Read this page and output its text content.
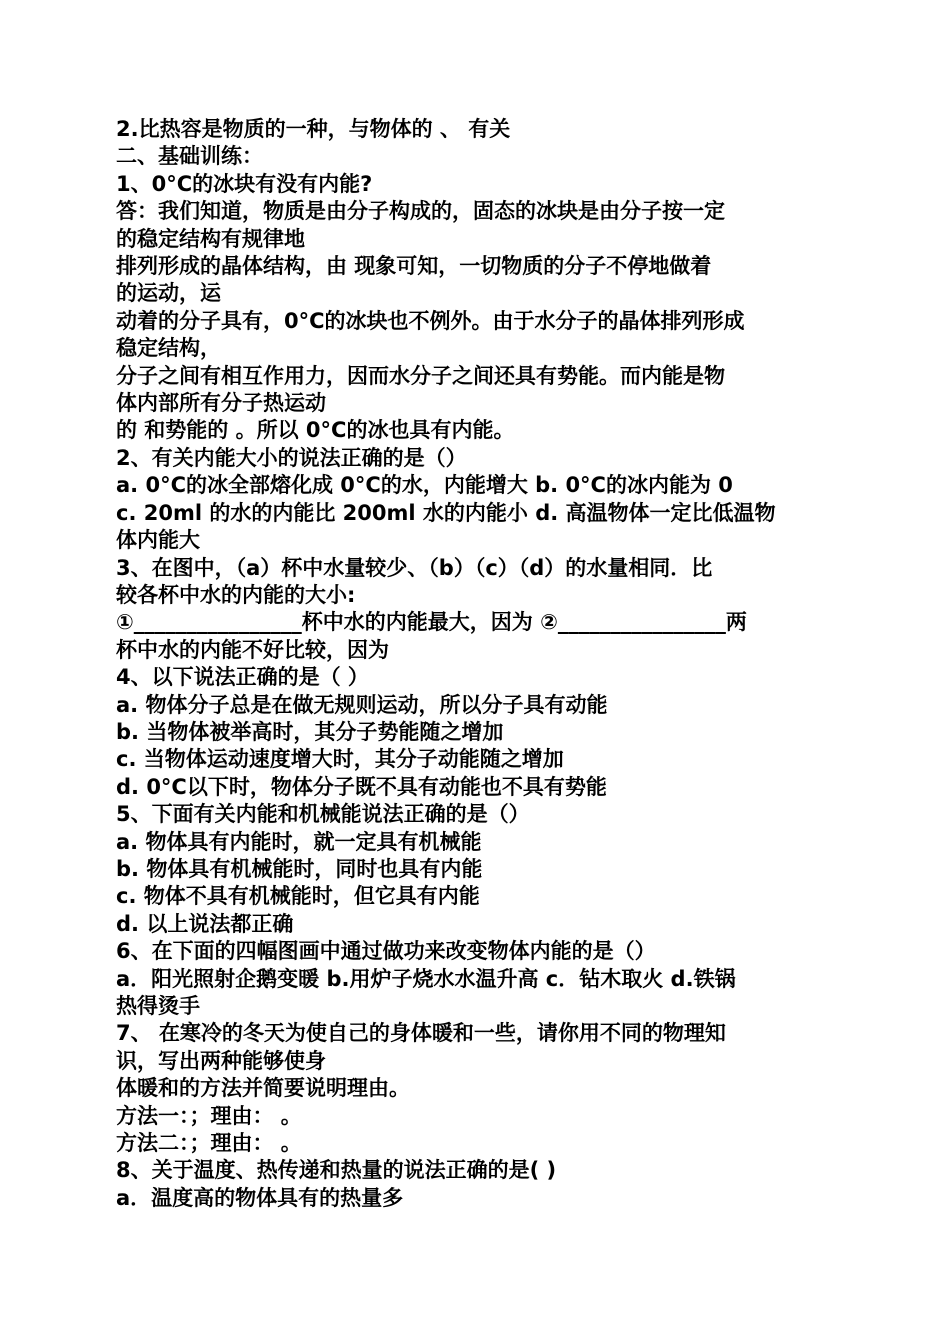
2.比热容是物质的一种，与物体的 、 有关

二、基础训练：

1、0°C的冰块有没有内能?

答：我们知道，物质是由分子构成的，固态的冰块是由分子按一定

的稳定结构有规律地

排列形成的晶体结构，由 现象可知，一切物质的分子不停地做着

的运动，运

动着的分子具有，0°C的冰块也不例外。由于水分子的晶体排列形成

稳定结构，

分子之间有相互作用力，因而水分子之间还具有势能。而内能是物

体内部所有分子热运动

的 和势能的 。所以 0°C的冰也具有内能。

2、有关内能大小的说法正确的是（）

a. 0°C的冰全部熔化成 0°C的水，内能增大 b. 0°C的冰内能为 0

c. 20ml 的水的内能比 200ml 水的内能小 d. 高温物体一定比低温物

体内能大

3、在图中，（a）杯中水量较少、（b）（c）（d）的水量相同．比

较各杯中水的内能的大小:

①________________杯中水的内能最大，因为 ②________________两

杯中水的内能不好比较，因为

4、以下说法正确的是（ ）

a. 物体分子总是在做无规则运动，所以分子具有动能

b. 当物体被举高时，其分子势能随之增加

c. 当物体运动速度增大时，其分子动能随之增加

d. 0°C以下时，物体分子既不具有动能也不具有势能

5、下面有关内能和机械能说法正确的是（）

a. 物体具有内能时，就一定具有机械能

b. 物体具有机械能时，同时也具有内能

c. 物体不具有机械能时，但它具有内能

d. 以上说法都正确

6、在下面的四幅图画中通过做功来改变物体内能的是（）

a．阳光照射企鹅变暖 b.用炉子烧水水温升高 c．钻木取火 d.铁锅

热得烫手

7、 在寒冷的冬天为使自己的身体暖和一些，请你用不同的物理知

识，写出两种能够使身

体暖和的方法并简要说明理由。

方法一：；理由： 。

方法二：；理由： 。

8、关于温度、热传递和热量的说法正确的是( )

a．温度高的物体具有的热量多
